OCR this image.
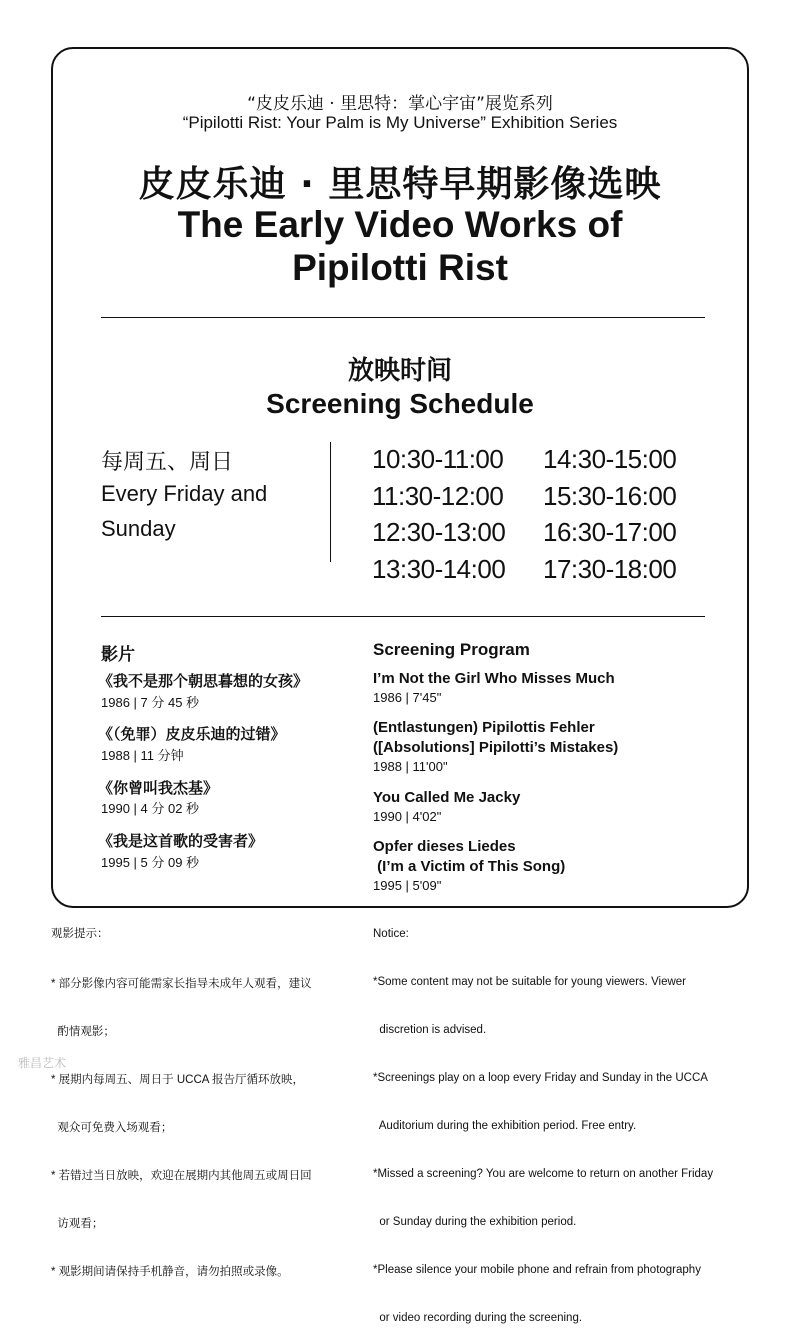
“皮皮乐迪 · 里思特：掌心宇宙”展览系列
“Pipilotti Rist: Your Palm is My Universe” Exhibition Series
皮皮乐迪 · 里思特早期影像选映
The Early Video Works of
Pipilotti Rist
放映时间
Screening Schedule
每周五、周日
Every Friday and
Sunday
10:30-11:00
11:30-12:00
12:30-13:00
13:30-14:00
14:30-15:00
15:30-16:00
16:30-17:00
17:30-18:00
影片	Screening Program
《我不是那个朝思暮想的女孩》
1986 | 7 分 45 秒
《（免罪）皮皮乐迪的过错》
1988 | 11 分钟
《你曾叫我杰基》
1990 | 4 分 02 秒
《我是这首歌的受害者》
1995 | 5 分 09 秒
I’m Not the Girl Who Misses Much
1986 | 7'45"
(Entlastungen) Pipilottis Fehler
([Absolutions] Pipilotti’s Mistakes)
1988 | 11'00"
You Called Me Jacky
1990 | 4'02"
Opfer dieses Liedes
(I’m a Victim of This Song)
1995 | 5'09"
观影提示：

* 部分影像内容可能需家长指导未成年人观看，建议

酌情观影；

* 展期内每周五、周日于 UCCA 报告厅循环放映，

观众可免费入场观看；

* 若错过当日放映，欢迎在展期内其他周五或周日回

访观看；

* 观影期间请保持手机静音，请勿拍照或录像。

Notice:

*Some content may not be suitable for young viewers. Viewer

discretion is advised.

*Screenings play on a loop every Friday and Sunday in the UCCA

Auditorium during the exhibition period. Free entry.

*Missed a screening? You are welcome to return on another Friday

or Sunday during the exhibition period.

*Please silence your mobile phone and refrain from photography

or video recording during the screening.

雅昌艺术
